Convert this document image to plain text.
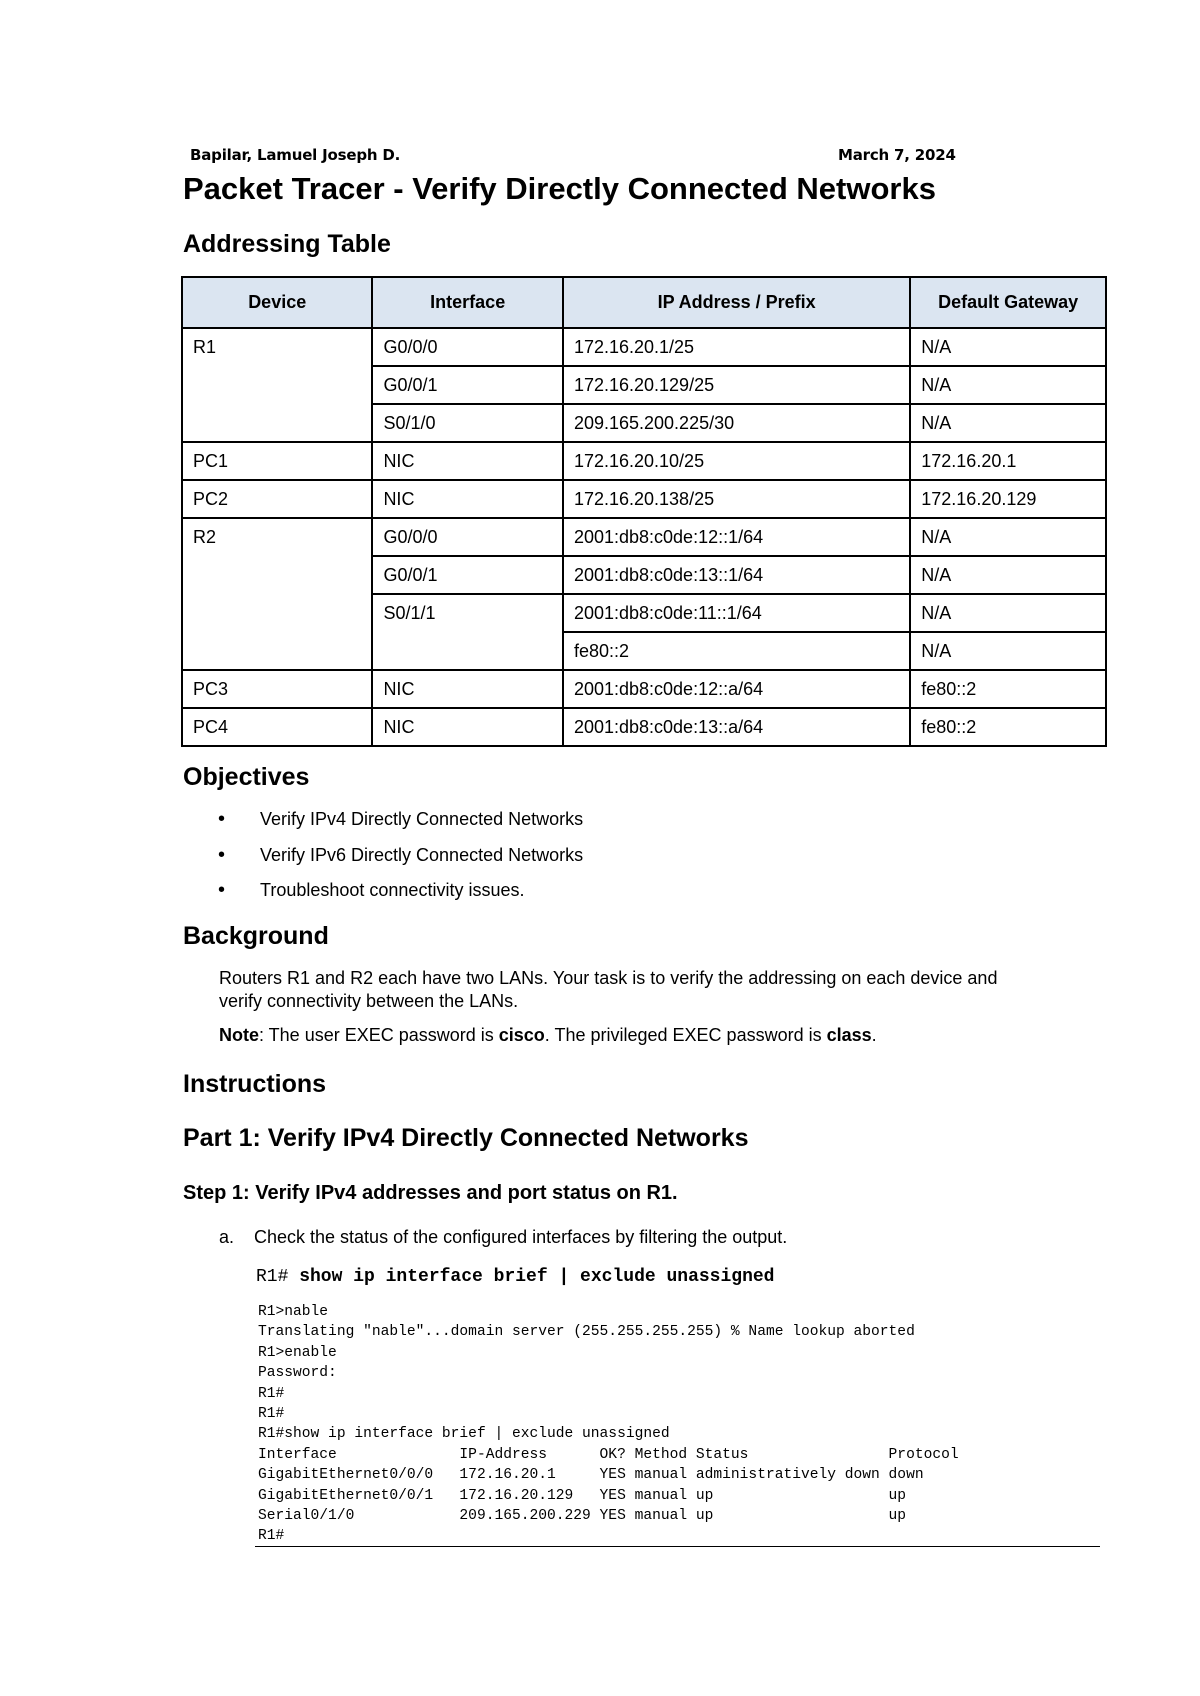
Bapilar, Lamuel Joseph D.	March 7, 2024
Packet Tracer - Verify Directly Connected Networks
Addressing Table
Device	Interface	IP Address / Prefix	Default Gateway
R1	G0/0/0	172.16.20.1/25	N/A
	G0/0/1	172.16.20.129/25	N/A
	S0/1/0	209.165.200.225/30	N/A
PC1	NIC	172.16.20.10/25	172.16.20.1
PC2	NIC	172.16.20.138/25	172.16.20.129
R2	G0/0/0	2001:db8:c0de:12::1/64	N/A
	G0/0/1	2001:db8:c0de:13::1/64	N/A
	S0/1/1	2001:db8:c0de:11::1/64	N/A
		fe80::2	N/A
PC3	NIC	2001:db8:c0de:12::a/64	fe80::2
PC4	NIC	2001:db8:c0de:13::a/64	fe80::2
Objectives
• Verify IPv4 Directly Connected Networks
• Verify IPv6 Directly Connected Networks
• Troubleshoot connectivity issues.
Background

Routers R1 and R2 each have two LANs. Your task is to verify the addressing on each device and verify connectivity between the LANs.

Note: The user EXEC password is cisco. The privileged EXEC password is class.

Instructions
Part 1: Verify IPv4 Directly Connected Networks
Step 1: Verify IPv4 addresses and port status on R1.
a. Check the status of the configured interfaces by filtering the output.

R1# show ip interface brief | exclude unassigned

R1>nable
Translating "nable"...domain server (255.255.255.255) % Name lookup aborted
R1>enable
Password:
R1#
R1#
R1#show ip interface brief | exclude unassigned
Interface              IP-Address      OK? Method Status                Protocol
GigabitEthernet0/0/0   172.16.20.1     YES manual administratively down down
GigabitEthernet0/0/1   172.16.20.129   YES manual up                    up
Serial0/1/0            209.165.200.229 YES manual up                    up
R1#
